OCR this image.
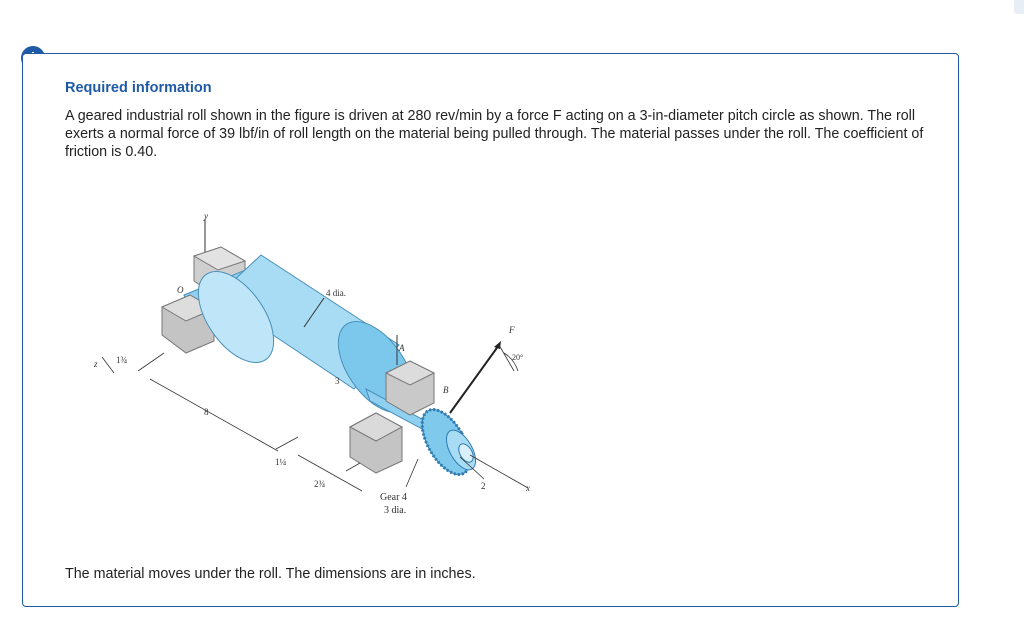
Required information
A geared industrial roll shown in the figure is driven at 280 rev/min by a force F acting on a 3-in-diameter pitch circle as shown. The roll exerts a normal force of 39 lbf/in of roll length on the material being pulled through. The material passes under the roll. The coefficient of friction is 0.40.
The material moves under the roll. The dimensions are in inches.
y
O	4 dia.
3
A
B
F
20°
x
2
z 1¾
8
1¼
2¾
Gear 4
3 dia.
